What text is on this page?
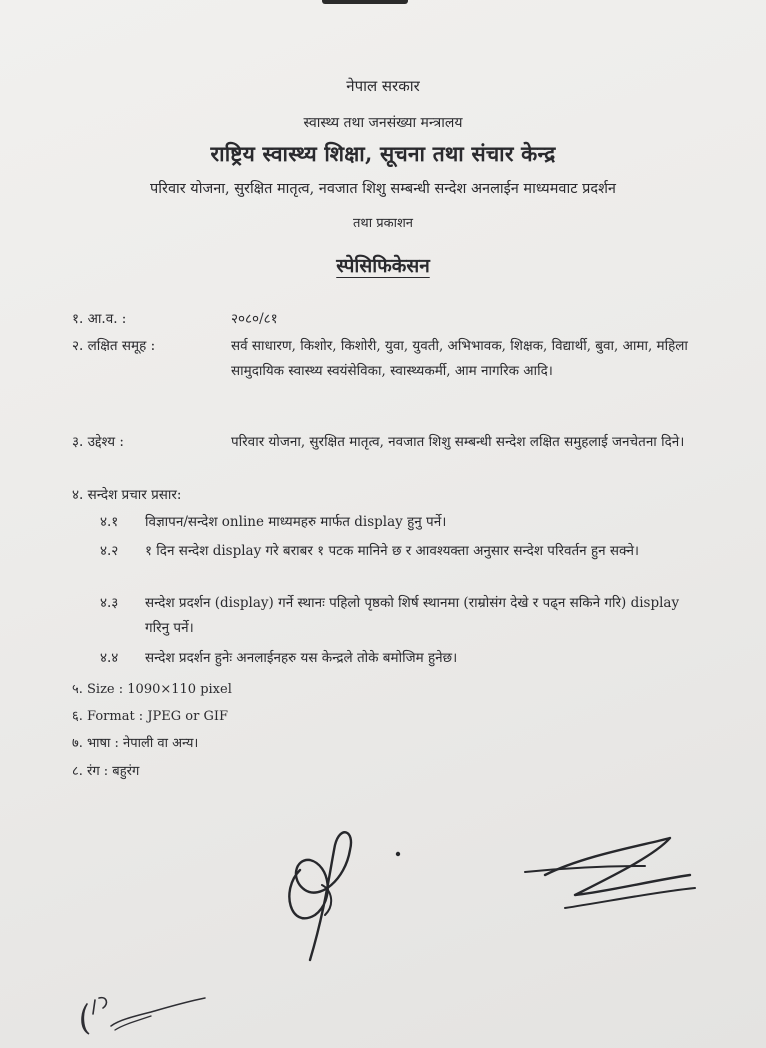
नेपाल सरकार
स्वास्थ्य तथा जनसंख्या मन्त्रालय
राष्ट्रिय स्वास्थ्य शिक्षा, सूचना तथा संचार केन्द्र
परिवार योजना, सुरक्षित मातृत्व, नवजात शिशु सम्बन्धी सन्देश अनलाईन माध्यमवाट प्रदर्शन
तथा प्रकाशन
स्पेसिफिकेसन
१. आ.व. :	२०८०/८१
२. लक्षित समूह :	सर्व साधारण, किशोर, किशोरी, युवा, युवती, अभिभावक, शिक्षक, विद्यार्थी, बुवा, आमा, महिला सामुदायिक स्वास्थ्य स्वयंसेविका, स्वास्थ्यकर्मी, आम नागरिक आदि।
३. उद्देश्य :	परिवार योजना, सुरक्षित मातृत्व, नवजात शिशु सम्बन्धी सन्देश लक्षित समुहलाई जनचेतना दिने।
४. सन्देश प्रचार प्रसार:
४.१ विज्ञापन/सन्देश online माध्यमहरु मार्फत display हुनु पर्ने।
४.२ १ दिन सन्देश display गरे बराबर १ पटक मानिने छ र आवश्यक्ता अनुसार सन्देश परिवर्तन हुन सक्ने।
४.३ सन्देश प्रदर्शन (display) गर्ने स्थानः पहिलो पृष्ठको शिर्ष स्थानमा (राम्रोसंग देखे र पढ्न सकिने गरि) display गरिनु पर्ने।
४.४ सन्देश प्रदर्शन हुनेः अनलाईनहरु यस केन्द्रले तोके बमोजिम हुनेछ।
५. Size : 1090×110 pixel
६. Format : JPEG or GIF
७. भाषा : नेपाली वा अन्य।
८. रंग : बहुरंग
